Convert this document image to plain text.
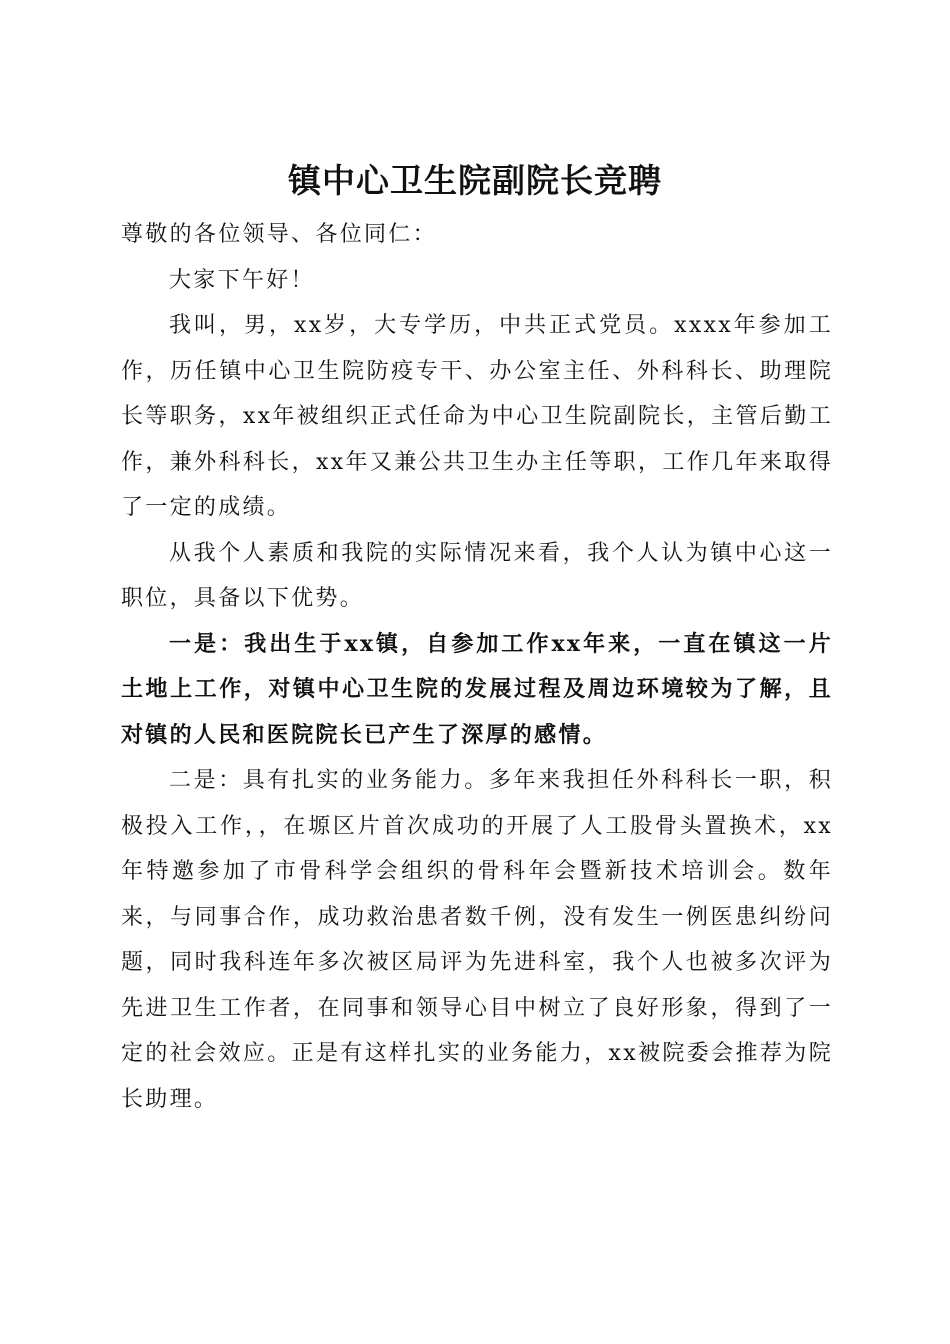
镇中心卫生院副院长竞聘

尊敬的各位领导、各位同仁：

大家下午好！

我叫，男，xx岁，大专学历，中共正式党员。xxxx年参加工作，历任镇中心卫生院防疫专干、办公室主任、外科科长、助理院长等职务，xx年被组织正式任命为中心卫生院副院长，主管后勤工作，兼外科科长，xx年又兼公共卫生办主任等职，工作几年来取得了一定的成绩。

从我个人素质和我院的实际情况来看，我个人认为镇中心这一职位，具备以下优势。

一是：我出生于xx镇，自参加工作xx年来，一直在镇这一片土地上工作，对镇中心卫生院的发展过程及周边环境较为了解，且对镇的人民和医院院长已产生了深厚的感情。

二是：具有扎实的业务能力。多年来我担任外科科长一职，积极投入工作，，在塬区片首次成功的开展了人工股骨头置换术，xx年特邀参加了市骨科学会组织的骨科年会暨新技术培训会。数年来，与同事合作，成功救治患者数千例，没有发生一例医患纠纷问题，同时我科连年多次被区局评为先进科室，我个人也被多次评为先进卫生工作者，在同事和领导心目中树立了良好形象，得到了一定的社会效应。正是有这样扎实的业务能力，xx被院委会推荐为院长助理。
